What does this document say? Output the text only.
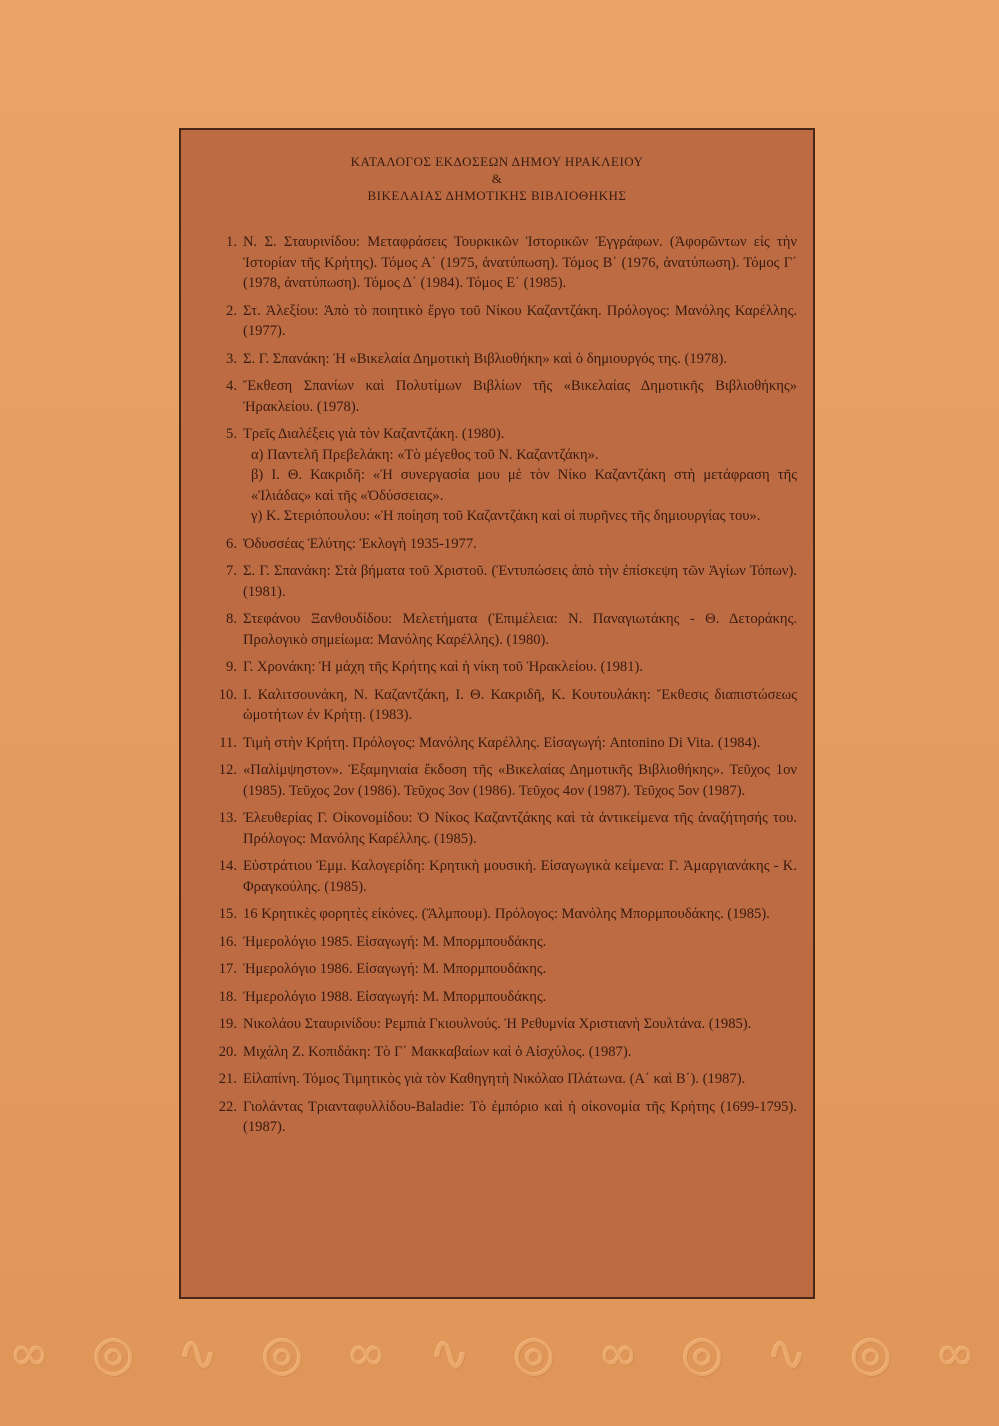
ΚΑΤΑΛΟΓΟΣ ΕΚΔΟΣΕΩΝ ΔΗΜΟΥ ΗΡΑΚΛΕΙΟΥ
&
ΒΙΚΕΛΑΙΑΣ ΔΗΜΟΤΙΚΗΣ ΒΙΒΛΙΟΘΗΚΗΣ
1. Ν. Σ. Σταυρινίδου: Μεταφράσεις Τουρκικῶν Ἱστορικῶν Ἐγγράφων. (Ἀφορῶντων εἰς τὴν Ἱστορίαν τῆς Κρήτης). Τόμος Α΄ (1975, ἀνατύπωση). Τόμος Β΄ (1976, ἀνατύπωση). Τόμος Γ΄ (1978, ἀνατύπωση). Τόμος Δ΄ (1984). Τόμος Ε΄ (1985).
2. Στ. Ἀλεξίου: Ἀπὸ τὸ ποιητικὸ ἔργο τοῦ Νίκου Καζαντζάκη. Πρόλογος: Μανόλης Καρέλλης. (1977).
3. Σ. Γ. Σπανάκη: Ἡ «Βικελαία Δημοτικὴ Βιβλιοθήκη» καὶ ὁ δημιουργός της. (1978).
4. Ἔκθεση Σπανίων καὶ Πολυτίμων Βιβλίων τῆς «Βικελαίας Δημοτικῆς Βιβλιοθήκης» Ἡρακλείου. (1978).
5. Τρεῖς Διαλέξεις γιὰ τὸν Καζαντζάκη. (1980).
α) Παντελῆ Πρεβελάκη: «Τὸ μέγεθος τοῦ Ν. Καζαντζάκη».
β) Ι. Θ. Κακριδῆ: «Ἡ συνεργασία μου μὲ τὸν Νίκο Καζαντζάκη στὴ μετάφραση τῆς «Ἰλιάδας» καὶ τῆς «Ὀδύσσειας».
γ) Κ. Στεριόπουλου: «Ἡ ποίηση τοῦ Καζαντζάκη καὶ οἱ πυρῆνες τῆς δημιουργίας του».
6. Ὀδυσσέας Ἐλύτης: Ἐκλογὴ 1935-1977.
7. Σ. Γ. Σπανάκη: Στὰ βήματα τοῦ Χριστοῦ. (Ἐντυπώσεις ἀπὸ τὴν ἐπίσκεψη τῶν Ἁγίων Τόπων). (1981).
8. Στεφάνου Ξανθουδίδου: Μελετήματα (Ἐπιμέλεια: Ν. Παναγιωτάκης - Θ. Δετοράκης. Προλογικὸ σημείωμα: Μανόλης Καρέλλης). (1980).
9. Γ. Χρονάκη: Ἡ μάχη τῆς Κρήτης καὶ ἡ νίκη τοῦ Ἡρακλείου. (1981).
10. Ι. Καλιτσουνάκη, Ν. Καζαντζάκη, Ι. Θ. Κακριδῆ, Κ. Κουτουλάκη: Ἔκθεσις διαπιστώσεως ὠμοτήτων ἐν Κρήτῃ. (1983).
11. Τιμὴ στὴν Κρήτη. Πρόλογος: Μανόλης Καρέλλης. Εἰσαγωγή: Antonino Di Vita. (1984).
12. «Παλίμψηστον». Ἑξαμηνιαία ἔκδοση τῆς «Βικελαίας Δημοτικῆς Βιβλιοθήκης». Τεῦχος 1ον (1985). Τεῦχος 2ον (1986). Τεῦχος 3ον (1986). Τεῦχος 4ον (1987). Τεῦχος 5ον (1987).
13. Ἐλευθερίας Γ. Οἰκονομίδου: Ὁ Νίκος Καζαντζάκης καὶ τὰ ἀντικείμενα τῆς ἀναζήτησής του. Πρόλογος: Μανόλης Καρέλλης. (1985).
14. Εὐστράτιου Ἐμμ. Καλογερίδη: Κρητικὴ μουσική. Εἰσαγωγικὰ κείμενα: Γ. Ἀμαργιανάκης - Κ. Φραγκούλης. (1985).
15. 16 Κρητικὲς φορητὲς εἰκόνες. (Ἄλμπουμ). Πρόλογος: Μανόλης Μπορμπουδάκης. (1985).
16. Ἡμερολόγιο 1985. Εἰσαγωγή: Μ. Μπορμπουδάκης.
17. Ἡμερολόγιο 1986. Εἰσαγωγή: Μ. Μπορμπουδάκης.
18. Ἡμερολόγιο 1988. Εἰσαγωγή: Μ. Μπορμπουδάκης.
19. Νικολάου Σταυρινίδου: Ρεμπιὰ Γκιουλνούς. Ἡ Ρεθυμνία Χριστιανὴ Σουλτάνα. (1985).
20. Μιχάλη Ζ. Κοπιδάκη: Τὸ Γ΄ Μακκαβαίων καὶ ὁ Αἰσχύλος. (1987).
21. Εἰλαπίνη. Τόμος Τιμητικὸς γιὰ τὸν Καθηγητὴ Νικόλαο Πλάτωνα. (Α΄ καὶ Β΄). (1987).
22. Γιολάντας Τριανταφυλλίδου-Baladie: Τὸ ἐμπόριο καὶ ἡ οἰκονομία τῆς Κρήτης (1699-1795). (1987).
∞ ◎ ∿ ◎ ∞ ∿ ◎ ∞ ◎ ∿ ◎ ∞
